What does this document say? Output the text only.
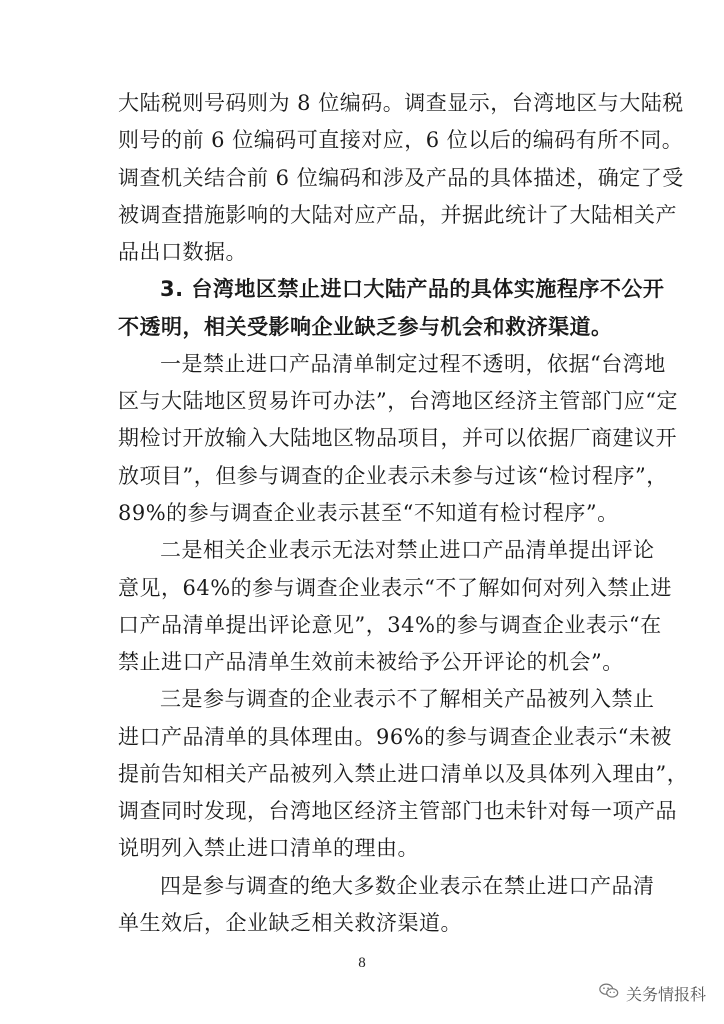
大陆税则号码则为 8 位编码。调查显示，台湾地区与大陆税
则号的前 6 位编码可直接对应，6 位以后的编码有所不同。
调查机关结合前 6 位编码和涉及产品的具体描述，确定了受
被调查措施影响的大陆对应产品，并据此统计了大陆相关产
品出口数据。
3. 台湾地区禁止进口大陆产品的具体实施程序不公开
不透明，相关受影响企业缺乏参与机会和救济渠道。
一是禁止进口产品清单制定过程不透明，依据“台湾地
区与大陆地区贸易许可办法”，台湾地区经济主管部门应“定
期检讨开放输入大陆地区物品项目，并可以依据厂商建议开
放项目”，但参与调查的企业表示未参与过该“检讨程序”，
89%的参与调查企业表示甚至“不知道有检讨程序”。
二是相关企业表示无法对禁止进口产品清单提出评论
意见，64%的参与调查企业表示“不了解如何对列入禁止进
口产品清单提出评论意见”，34%的参与调查企业表示“在
禁止进口产品清单生效前未被给予公开评论的机会”。
三是参与调查的企业表示不了解相关产品被列入禁止
进口产品清单的具体理由。96%的参与调查企业表示“未被
提前告知相关产品被列入禁止进口清单以及具体列入理由”，
调查同时发现，台湾地区经济主管部门也未针对每一项产品
说明列入禁止进口清单的理由。
四是参与调查的绝大多数企业表示在禁止进口产品清
单生效后，企业缺乏相关救济渠道。
8
关务情报科
